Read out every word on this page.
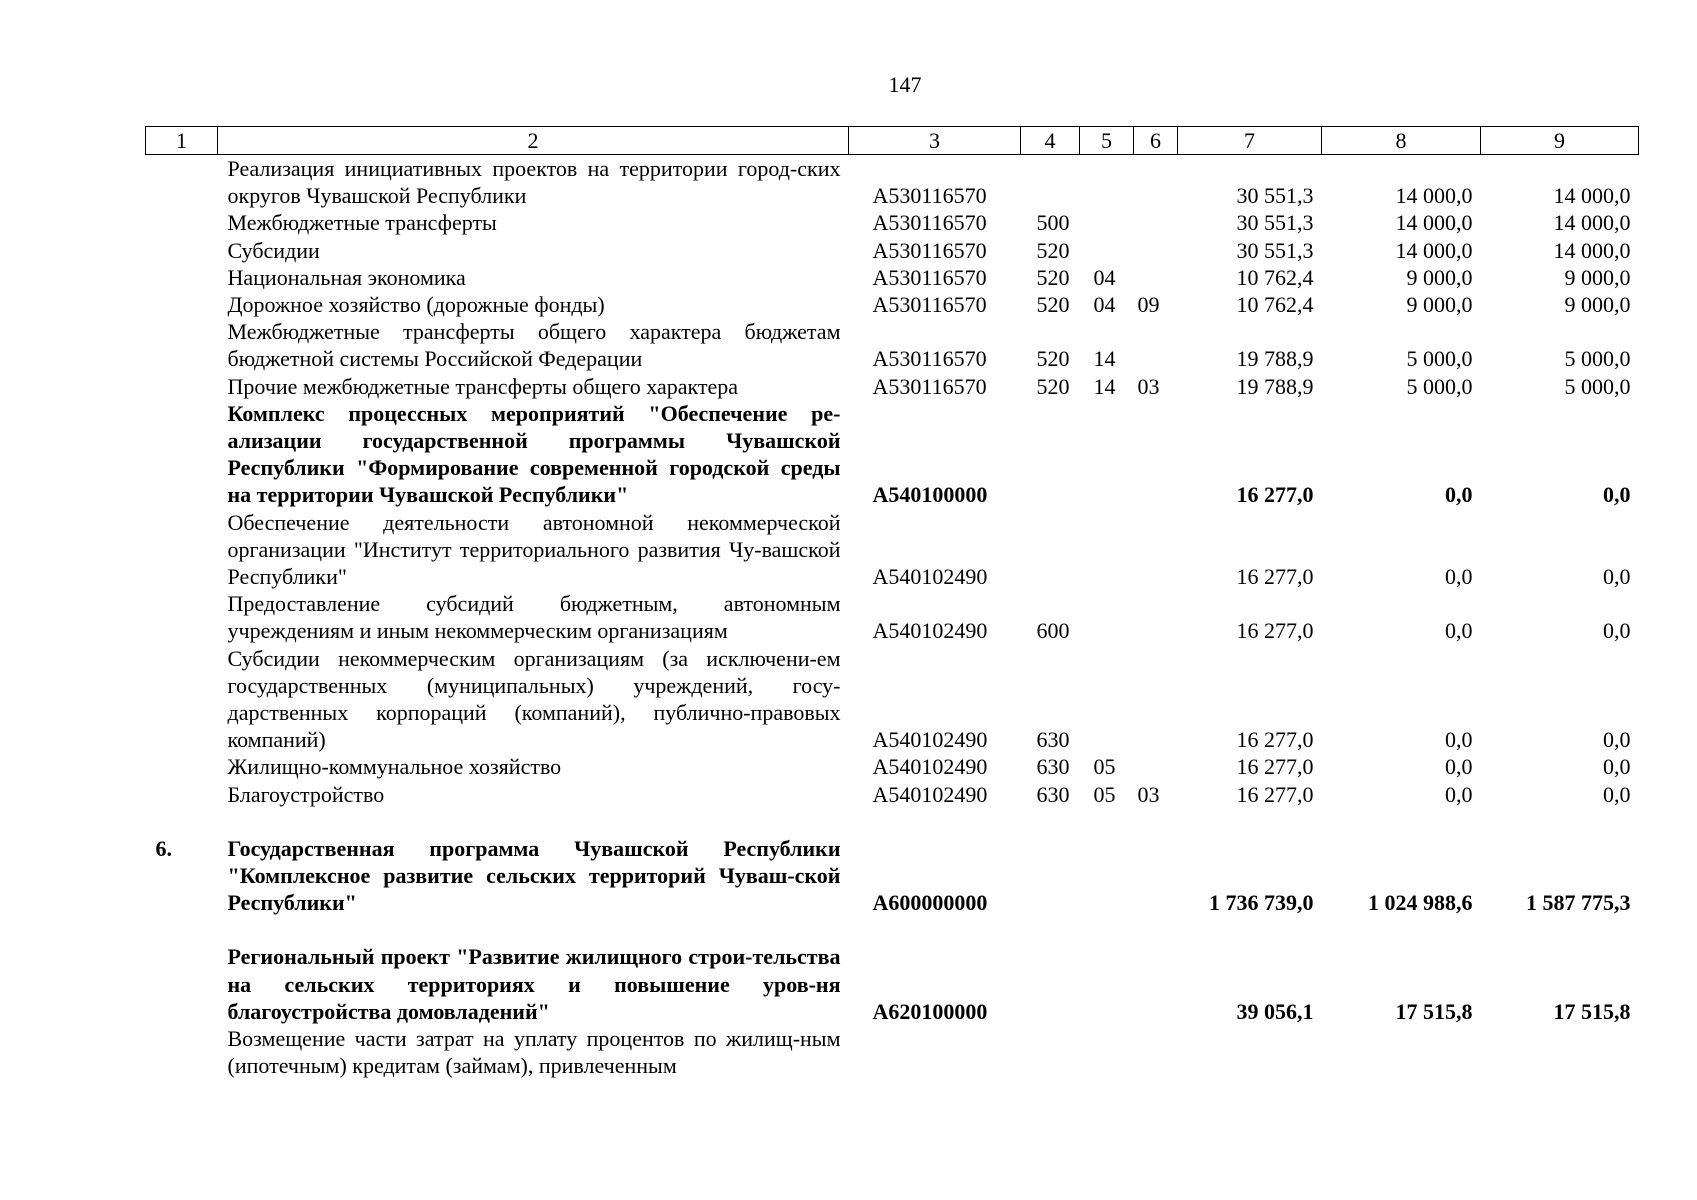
147
1	2	3	4	5	6	7	8	9
	Реализация инициативных проектов на территории город-ских округов Чувашской Республики	А530116570				30 551,3	14 000,0	14 000,0
	Межбюджетные трансферты	А530116570	500			30 551,3	14 000,0	14 000,0
	Субсидии	А530116570	520			30 551,3	14 000,0	14 000,0
	Национальная экономика	А530116570	520	04		10 762,4	9 000,0	9 000,0
	Дорожное хозяйство (дорожные фонды)	А530116570	520	04	09	10 762,4	9 000,0	9 000,0
	Межбюджетные трансферты общего характера бюджетам бюджетной системы Российской Федерации	А530116570	520	14		19 788,9	5 000,0	5 000,0
	Прочие межбюджетные трансферты общего характера	А530116570	520	14	03	19 788,9	5 000,0	5 000,0
	Комплекс процессных мероприятий "Обеспечение ре-ализации государственной программы Чувашской Республики "Формирование современной городской среды на территории Чувашской Республики"	А540100000				16 277,0	0,0	0,0
	Обеспечение деятельности автономной некоммерческой организации "Институт территориального развития Чу-вашской Республики"	А540102490				16 277,0	0,0	0,0
	Предоставление субсидий бюджетным, автономным учреждениям и иным некоммерческим организациям	А540102490	600			16 277,0	0,0	0,0
	Субсидии некоммерческим организациям (за исключени-ем государственных (муниципальных) учреждений, госу-дарственных корпораций (компаний), публично-правовых компаний)	А540102490	630			16 277,0	0,0	0,0
	Жилищно-коммунальное хозяйство	А540102490	630	05		16 277,0	0,0	0,0
	Благоустройство	А540102490	630	05	03	16 277,0	0,0	0,0

6.	Государственная программа Чувашской Республики "Комплексное развитие сельских территорий Чуваш-ской Республики"	А600000000				1 736 739,0	1 024 988,6	1 587 775,3

	Региональный проект "Развитие жилищного строи-тельства на сельских территориях и повышение уров-ня благоустройства домовладений"	А620100000				39 056,1	17 515,8	17 515,8
	Возмещение части затрат на уплату процентов по жилищ-ным (ипотечным) кредитам (займам), привлеченным							
